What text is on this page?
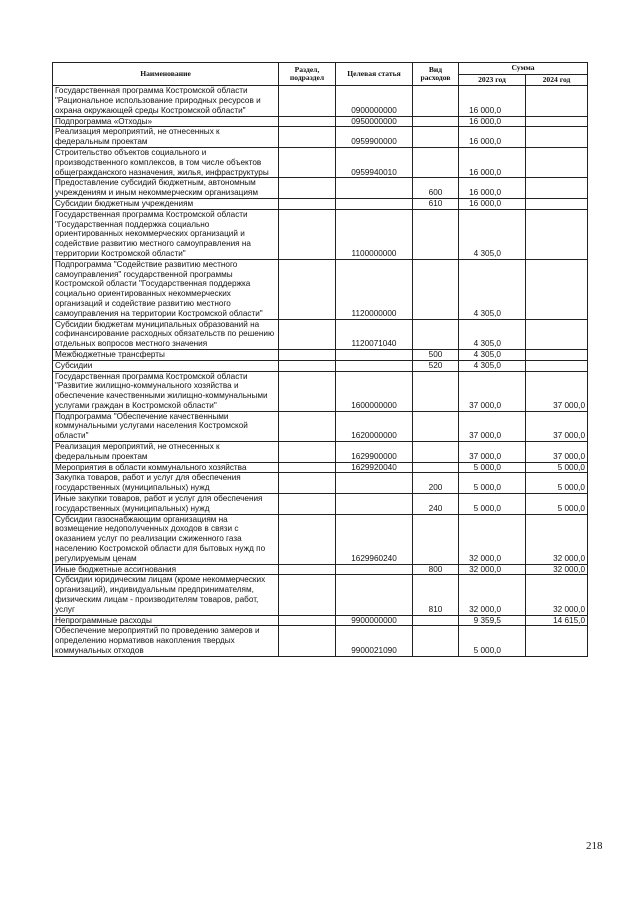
Наименование	Раздел, подраздел	Целевая статья	Вид расходов	Сумма	
				2023 год	2024 год
Государственная программа Костромской области "Рациональное использование природных ресурсов и охрана окружающей среды Костромской области"		0900000000		16 000,0	
Подпрограмма «Отходы»		0950000000		16 000,0	
Реализация мероприятий, не отнесенных к федеральным проектам		0959900000		16 000,0	
Строительство объектов социального и производственного комплексов, в том числе объектов общегражданского назначения, жилья, инфраструктуры		0959940010		16 000,0	
Предоставление субсидий бюджетным, автономным учреждениям и иным некоммерческим организациям			600	16 000,0	
Субсидии бюджетным учреждениям			610	16 000,0	
Государственная программа Костромской области "Государственная поддержка социально ориентированных некоммерческих организаций и содействие развитию местного самоуправления на территории Костромской области"		1100000000		4 305,0	
Подпрограмма "Содействие развитию местного самоуправления" государственной программы Костромской области "Государственная поддержка социально ориентированных некоммерческих организаций и содействие развитию местного самоуправления на территории Костромской области"		1120000000		4 305,0	
Субсидии бюджетам муниципальных образований на софинансирование расходных обязательств по решению отдельных вопросов местного значения		1120071040		4 305,0	
Межбюджетные трансферты			500	4 305,0	
Субсидии			520	4 305,0	
Государственная программа Костромской области "Развитие жилищно-коммунального хозяйства и обеспечение качественными жилищно-коммунальными услугами граждан в Костромской области"		1600000000		37 000,0	37 000,0
Подпрограмма "Обеспечение качественными коммунальными услугами населения Костромской области"		1620000000		37 000,0	37 000,0
Реализация мероприятий, не отнесенных к федеральным проектам		1629900000		37 000,0	37 000,0
Мероприятия в области коммунального хозяйства		1629920040		5 000,0	5 000,0
Закупка товаров, работ и услуг для обеспечения государственных (муниципальных) нужд			200	5 000,0	5 000,0
Иные закупки товаров, работ и услуг для обеспечения государственных (муниципальных) нужд			240	5 000,0	5 000,0
Субсидии газоснабжающим организациям на возмещение недополученных доходов в связи с оказанием услуг по реализации сжиженного газа населению Костромской области для бытовых нужд по регулируемым ценам		1629960240		32 000,0	32 000,0
Иные бюджетные ассигнования			800	32 000,0	32 000,0
Субсидии юридическим лицам (кроме некоммерческих организаций), индивидуальным предпринимателям, физическим лицам - производителям товаров, работ, услуг			810	32 000,0	32 000,0
Непрограммные расходы		9900000000		9 359,5	14 615,0
Обеспечение мероприятий по проведению замеров и определению нормативов накопления твердых коммунальных отходов		9900021090		5 000,0	
218
